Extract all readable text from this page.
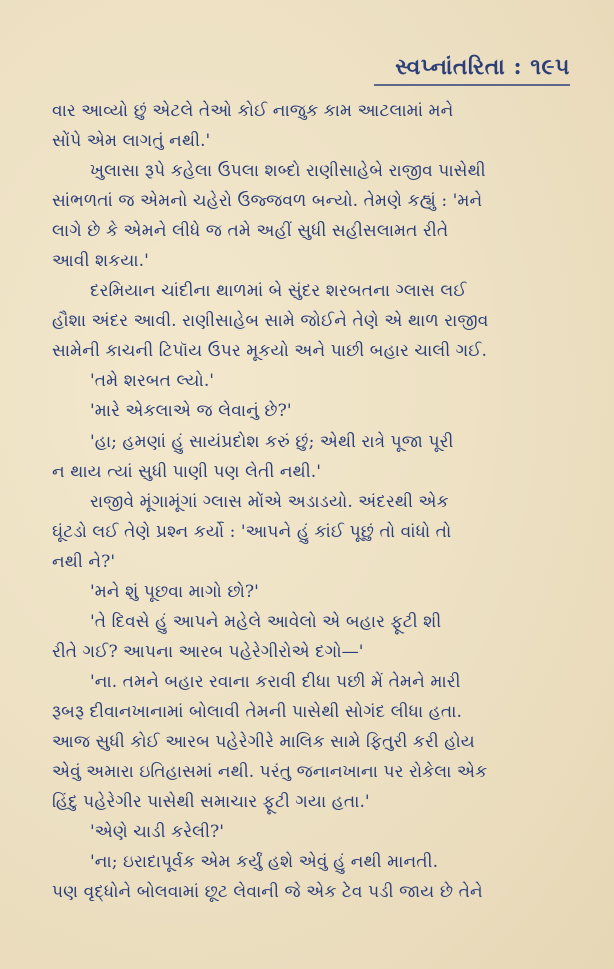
સ્વપ્નાંતરિતા : ૧૯૫
વાર આવ્યો છું એટલે તેઓ કોઈ નાજુક કામ આટલામાં મને
સોંપે એમ લાગતું નથી.'
ખુલાસા રૂપે કહેલા ઉપલા શબ્દો રાણીસાહેબે રાજીવ પાસેથી
સાંભળતાં જ એમનો ચહેરો ઉજ્જવળ બન્યો. તેમણે કહ્યું : 'મને
લાગે છે કે એમને લીધે જ તમે અહીં સુધી સહીસલામત રીતે
આવી શકયા.'
દરમિયાન ચાંદીના થાળમાં બે સુંદર શરબતના ગ્લાસ લઈ
હૌશા અંદર આવી. રાણીસાહેબ સામે જોઈને તેણે એ થાળ રાજીવ
સામેની કાચની ટિપૉય ઉપર મૂકયો અને પાછી બહાર ચાલી ગઈ.
'તમે શરબત લ્યો.'
'મારે એકલાએ જ લેવાનું છે?'
'હા; હમણાં હું સાયંપ્રદોશ કરું છું; એથી રાત્રે પૂજા પૂરી
ન થાય ત્યાં સુધી પાણી પણ લેતી નથી.'
રાજીવે મૂંગામૂંગાં ગ્લાસ મોંએ અડાડયો. અંદરથી એક
ઘૂંટડો લઈ તેણે પ્રશ્ન કર્યો : 'આપને હું કાંઈ પૂછું તો વાંધો તો
નથી ને?'
'મને શું પૂછવા માગો છો?'
'તે દિવસે હું આપને મહેલે આવેલો એ બહાર ફૂટી શી
રીતે ગઈ? આપના આરબ પહેરેગીરોએ દગો—'
'ના. તમને બહાર રવાના કરાવી દીધા પછી મેં તેમને મારી
રૂબરૂ દીવાનખાનામાં બોલાવી તેમની પાસેથી સોગંદ લીધા હતા.
આજ સુધી કોઈ આરબ પહેરેગીરે માલિક સામે ફિતુરી કરી હોય
એવું અમારા ઇતિહાસમાં નથી. પરંતુ જનાનખાના પર રોકેલા એક
હિંદુ પહેરેગીર પાસેથી સમાચાર ફૂટી ગયા હતા.'
'એણે ચાડી કરેલી?'
'ના; ઇરાદાપૂર્વક એમ કર્યું હશે એવું હું નથી માનતી.
પણ વૃદ્ધોને બોલવામાં છૂટ લેવાની જે એક ટેવ પડી જાય છે તેને
